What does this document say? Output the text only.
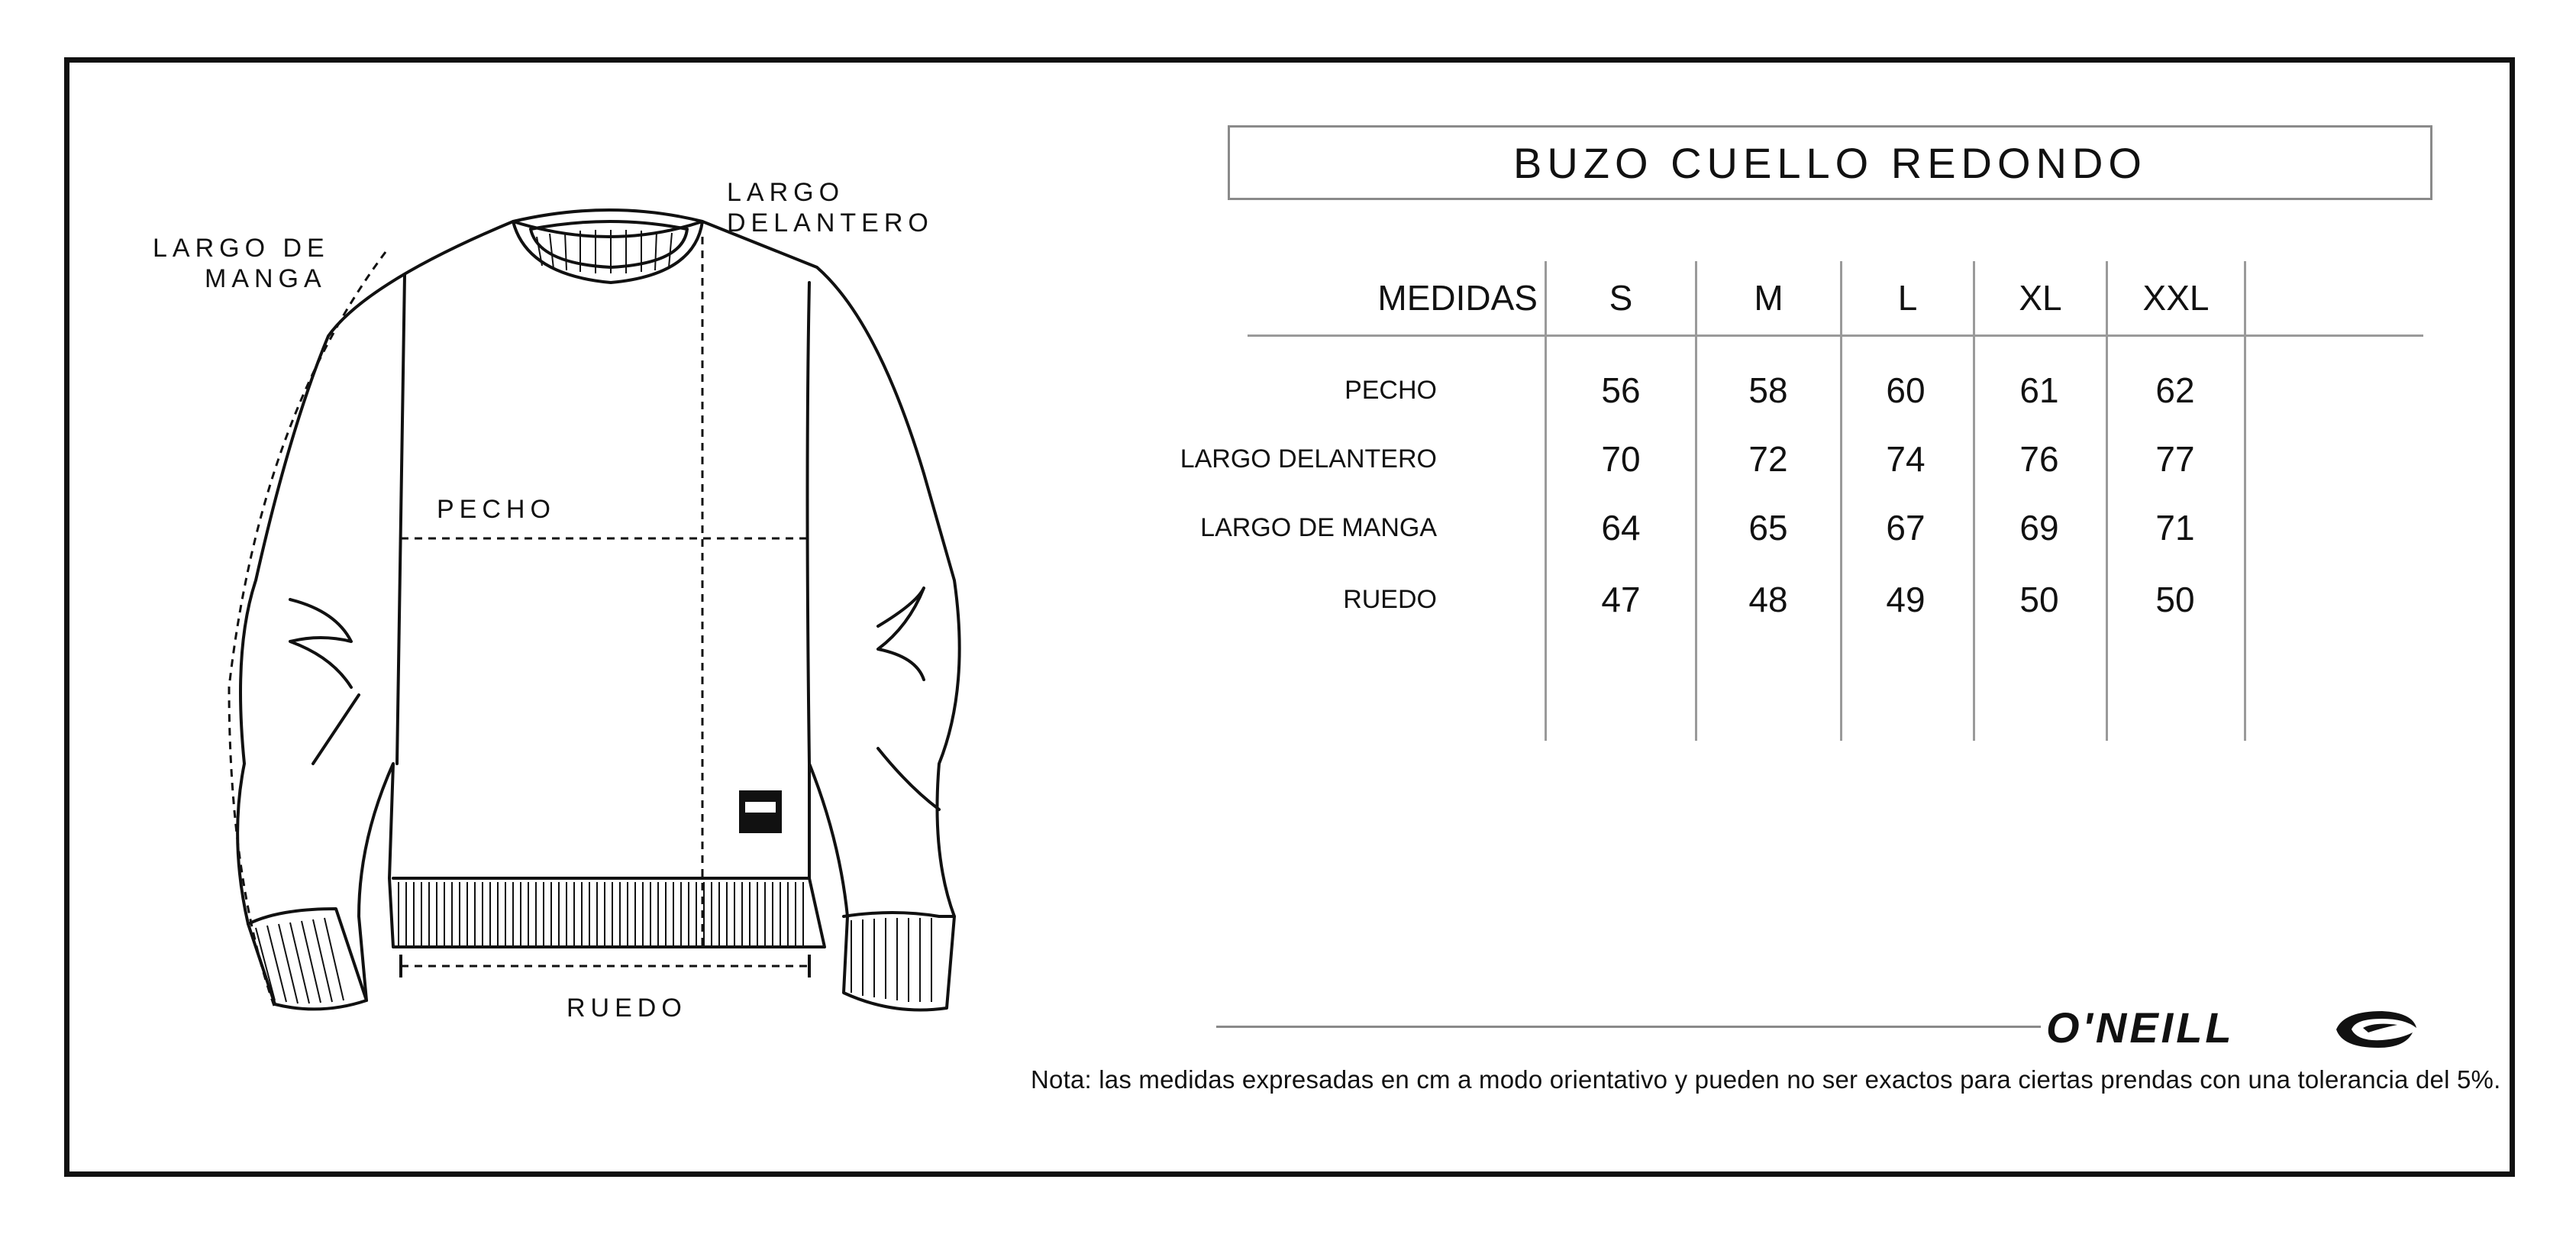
LARGO DE
MANGA
LARGO
DELANTERO
PECHO
RUEDO
BUZO CUELLO REDONDO
MEDIDAS	S	M	L	XL	XXL
PECHO	56	58	60	61	62
LARGO DELANTERO	70	72	74	76	77
LARGO DE MANGA	64	65	67	69	71
RUEDO	47	48	49	50	50
O'NEILL
Nota: las medidas expresadas en cm a modo orientativo y pueden no ser exactos para ciertas prendas con una tolerancia del 5%.
